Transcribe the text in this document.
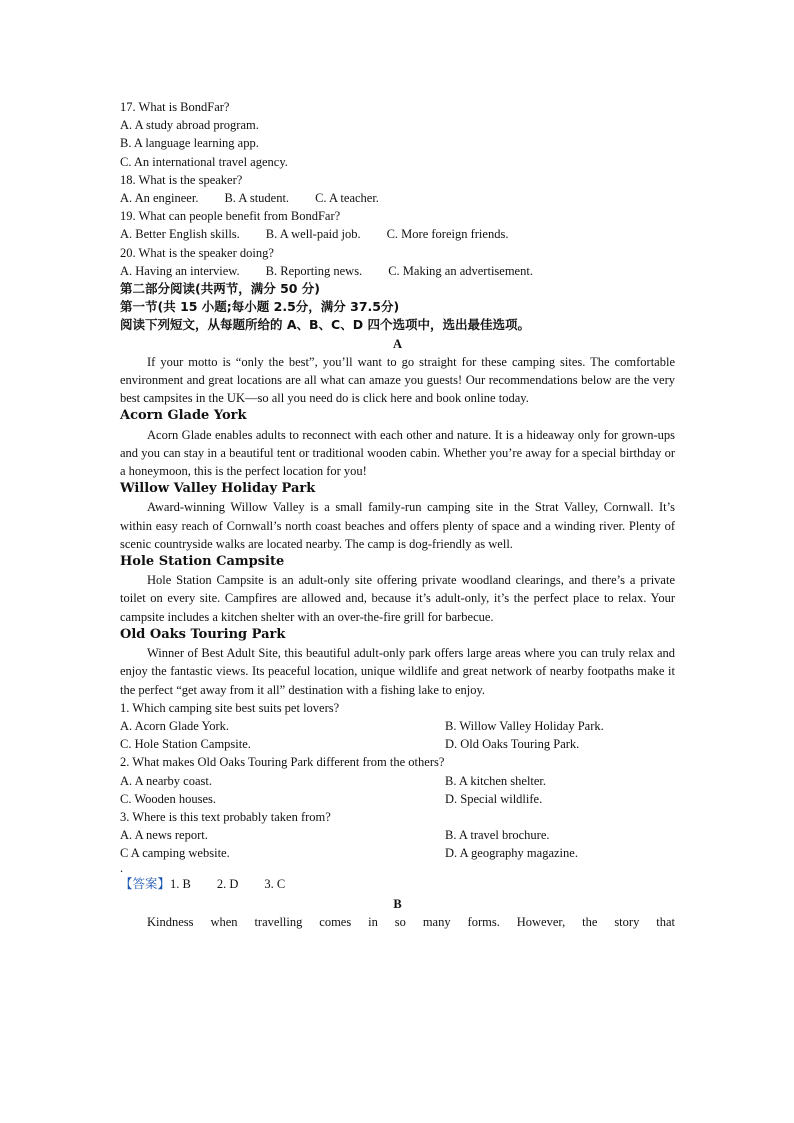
17. What is BondFar?
A. A study abroad program.
B. A language learning app.
C. An international travel agency.
18. What is the speaker?
A. An engineer. B. A student. C. A teacher.
19. What can people benefit from BondFar?
A. Better English skills. B. A well-paid job. C. More foreign friends.
20. What is the speaker doing?
A. Having an interview. B. Reporting news. C. Making an advertisement.
第二部分阅读(共两节，满分 50 分)
第一节(共 15 小题;每小题 2.5分，满分 37.5分)
阅读下列短文，从每题所给的 A、B、C、D 四个选项中，选出最佳选项。
A
If your motto is “only the best”, you’ll want to go straight for these camping sites. The comfortable environment and great locations are all what can amaze you guests! Our recommendations below are the very best campsites in the UK—so all you need do is click here and book online today.
Acorn Glade York
Acorn Glade enables adults to reconnect with each other and nature. It is a hideaway only for grown-ups and you can stay in a beautiful tent or traditional wooden cabin. Whether you’re away for a special birthday or a honeymoon, this is the perfect location for you!
Willow Valley Holiday Park
Award-winning Willow Valley is a small family-run camping site in the Strat Valley, Cornwall. It’s within easy reach of Cornwall’s north coast beaches and offers plenty of space and a winding river. Plenty of scenic countryside walks are located nearby. The camp is dog-friendly as well.
Hole Station Campsite
Hole Station Campsite is an adult-only site offering private woodland clearings, and there’s a private toilet on every site. Campfires are allowed and, because it’s adult-only, it’s the perfect place to relax. Your campsite includes a kitchen shelter with an over-the-fire grill for barbecue.
Old Oaks Touring Park
Winner of Best Adult Site, this beautiful adult-only park offers large areas where you can truly relax and enjoy the fantastic views. Its peaceful location, unique wildlife and great network of nearby footpaths make it the perfect “get away from it all” destination with a fishing lake to enjoy.
1. Which camping site best suits pet lovers?
A. Acorn Glade York.	B. Willow Valley Holiday Park.
C. Hole Station Campsite.	D. Old Oaks Touring Park.
2. What makes Old Oaks Touring Park different from the others?
A. A nearby coast.	B. A kitchen shelter.
C. Wooden houses.	D. Special wildlife.
3. Where is this text probably taken from?
A. A news report.	B. A travel brochure.
C A camping website.	D. A geography magazine.
.
【答案】1. B 2. D 3. C
B
Kindness when travelling comes in so many forms. However, the story that
